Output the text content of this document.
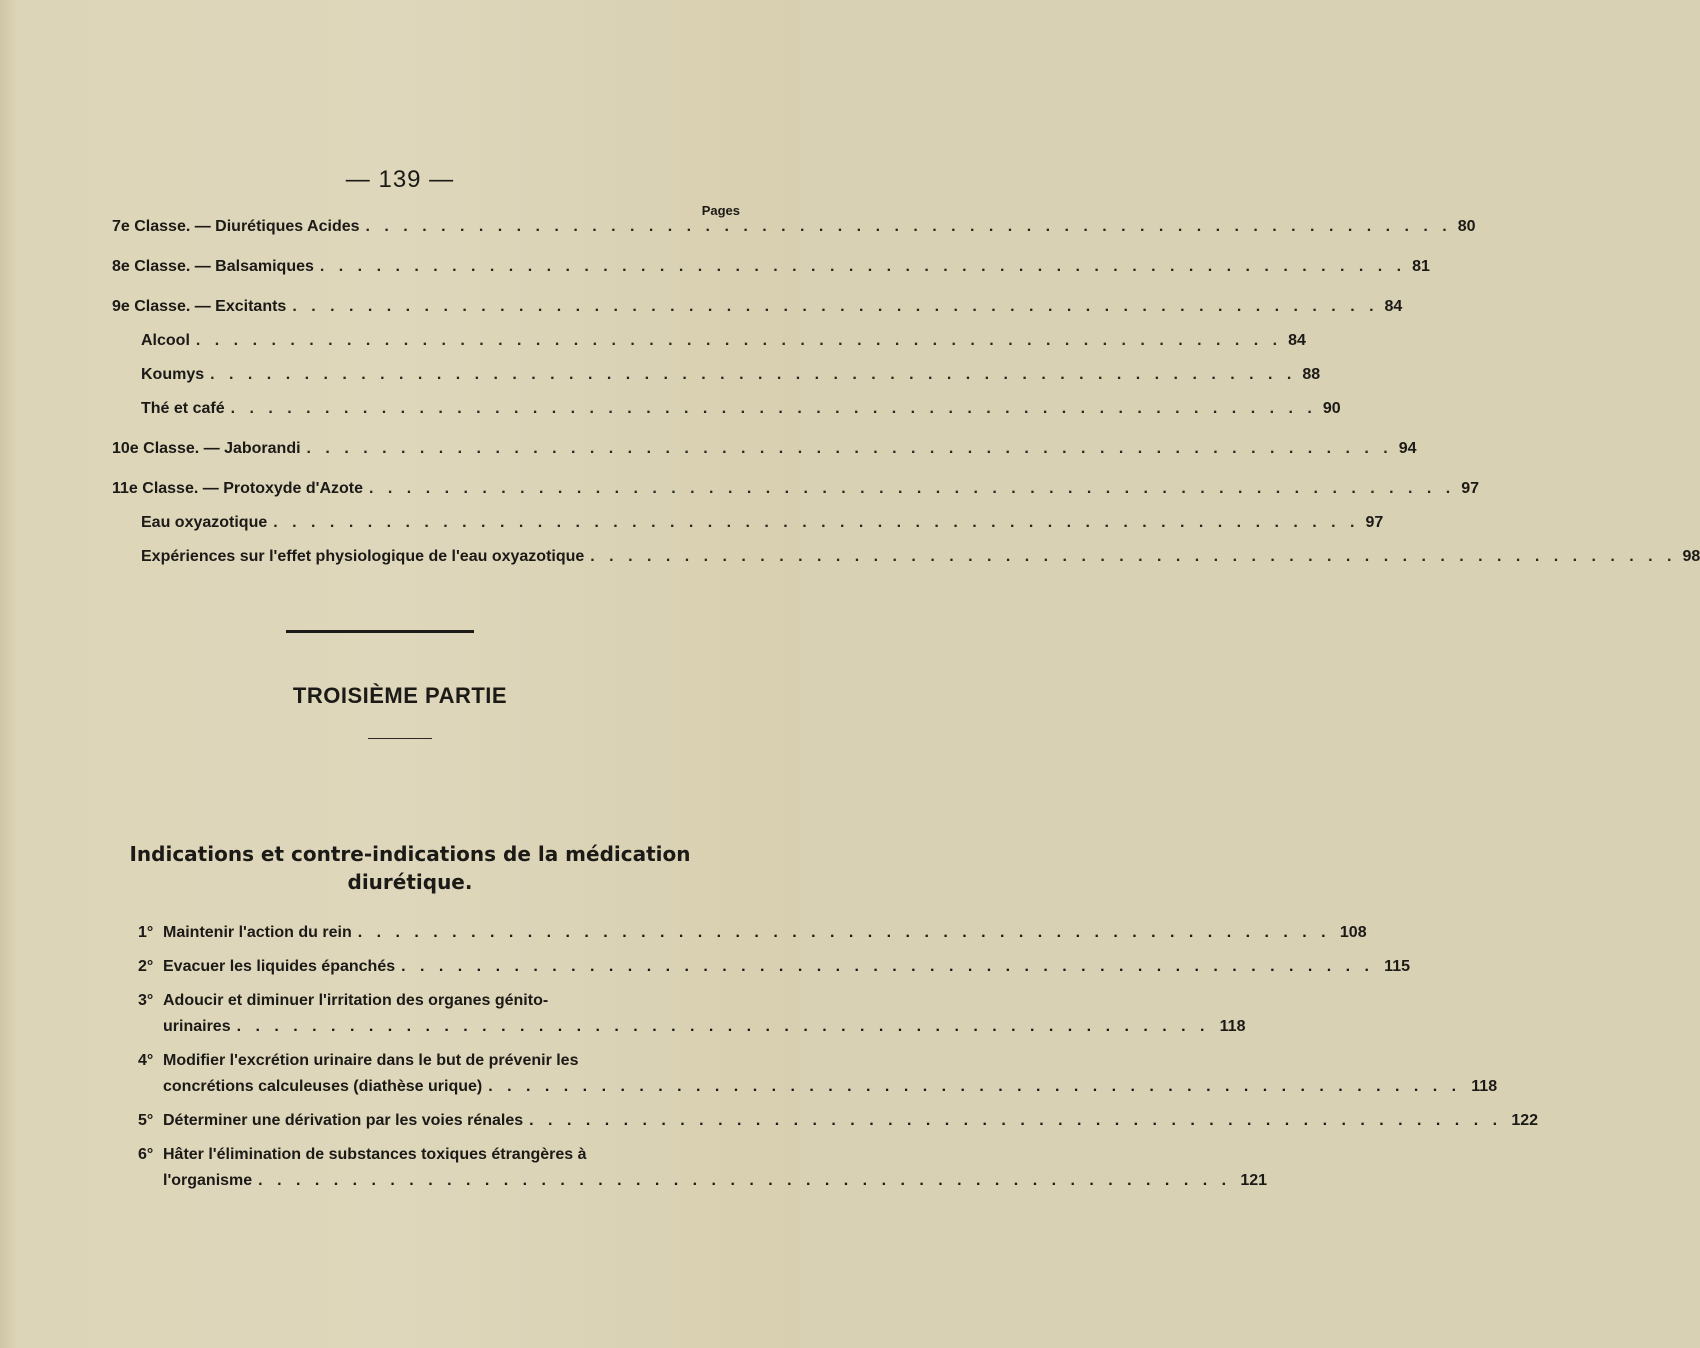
— 139 —
Pages
7e Classe. — Diurétiques Acides . . .	80
8e Classe. — Balsamiques . . .	81
9e Classe. — Excitants . . .	84
Alcool . . .	84
Koumys . . .	88
Thé et café . . .	90
10e Classe. — Jaborandi . . .	94
11e Classe. — Protoxyde d'Azote . . .	97
Eau oxyazotique . . .	97
Expériences sur l'effet physiologique de l'eau oxyazotique . . .	98
TROISIÈME PARTIE
Indications et contre-indications de la médication
diurétique.
1° Maintenir l'action du rein . . .	108
2° Evacuer les liquides épanchés . . .	115
3° Adoucir et diminuer l'irritation des organes génito-
urinaires . . .	118
4° Modifier l'excrétion urinaire dans le but de prévenir les
concrétions calculeuses (diathèse urique) . . .	118
5° Déterminer une dérivation par les voies rénales . . .	122
6° Hâter l'élimination de substances toxiques étrangères à
l'organisme . . .	121
